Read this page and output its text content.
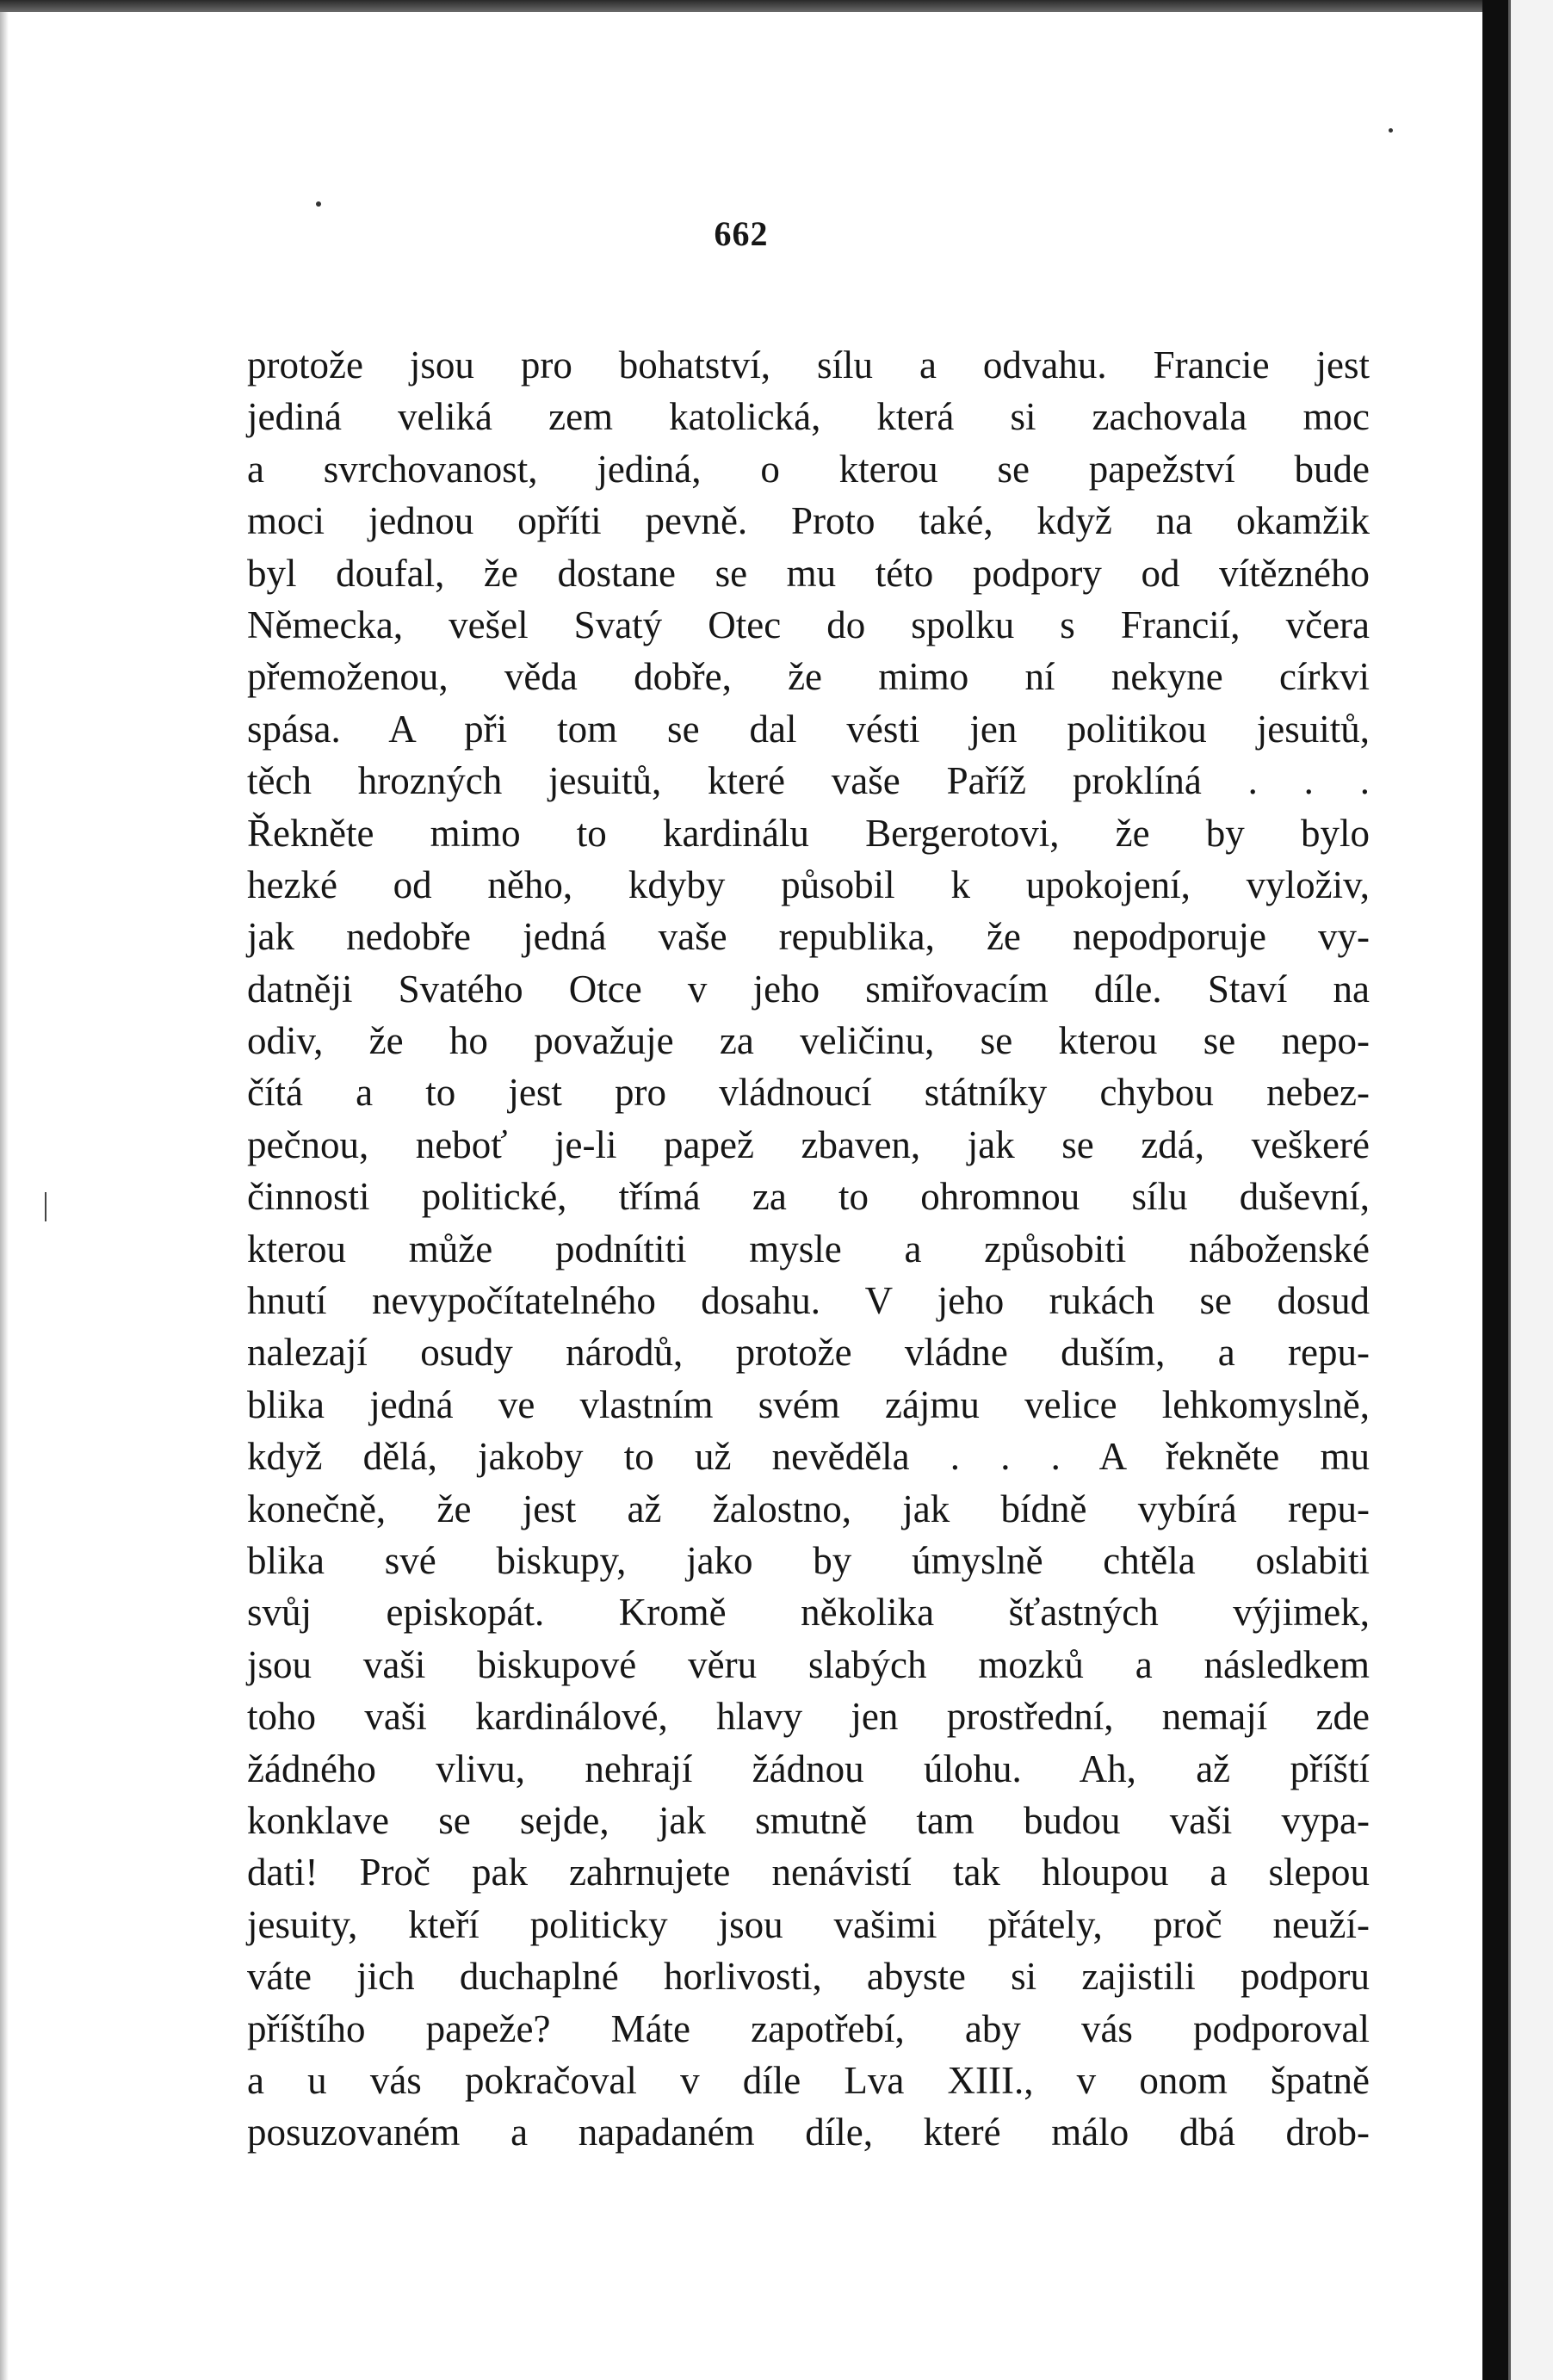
662
protože jsou pro bohatství, sílu a odvahu. Francie jest
jediná veliká zem katolická, která si zachovala moc
a svrchovanost, jediná, o kterou se papežství bude
moci jednou opříti pevně. Proto také, když na okamžik
byl doufal, že dostane se mu této podpory od vítězného
Německa, vešel Svatý Otec do spolku s Francií, včera
přemoženou, věda dobře, že mimo ní nekyne církvi
spása. A při tom se dal vésti jen politikou jesuitů,
těch hrozných jesuitů, které vaše Paříž proklíná . . .
Řekněte mimo to kardinálu Bergerotovi, že by bylo
hezké od něho, kdyby působil k upokojení, vyloživ,
jak nedobře jedná vaše republika, že nepodporuje vy-
datněji Svatého Otce v jeho smiřovacím díle. Staví na
odiv, že ho považuje za veličinu, se kterou se nepo-
čítá a to jest pro vládnoucí státníky chybou nebez-
pečnou, neboť je-li papež zbaven, jak se zdá, veškeré
činnosti politické, třímá za to ohromnou sílu duševní,
kterou může podnítiti mysle a způsobiti náboženské
hnutí nevypočítatelného dosahu. V jeho rukách se dosud
nalezají osudy národů, protože vládne duším, a repu-
blika jedná ve vlastním svém zájmu velice lehkomyslně,
když dělá, jakoby to už nevěděla . . . A řekněte mu
konečně, že jest až žalostno, jak bídně vybírá repu-
blika své biskupy, jako by úmyslně chtěla oslabiti
svůj episkopát. Kromě několika šťastných výjimek,
jsou vaši biskupové věru slabých mozků a následkem
toho vaši kardinálové, hlavy jen prostřední, nemají zde
žádného vlivu, nehrají žádnou úlohu. Ah, až příští
konklave se sejde, jak smutně tam budou vaši vypa-
dati! Proč pak zahrnujete nenávistí tak hloupou a slepou
jesuity, kteří politicky jsou vašimi přátely, proč neuží-
váte jich duchaplné horlivosti, abyste si zajistili podporu
příštího papeže? Máte zapotřebí, aby vás podporoval
a u vás pokračoval v díle Lva XIII., v onom špatně
posuzovaném a napadaném díle, které málo dbá drob-
